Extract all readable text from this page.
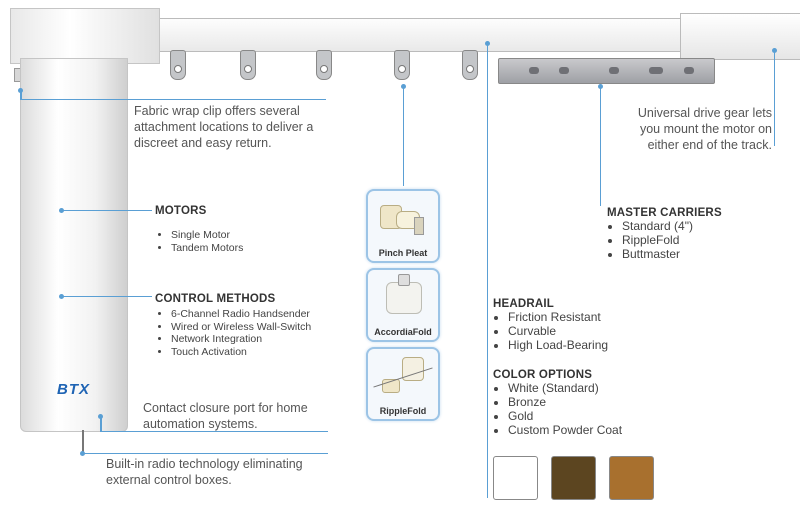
BTX
Fabric wrap clip offers several attachment locations to deliver a discreet and easy return.
Universal drive gear lets you mount the motor on either end of the track.
Contact closure port for home automation systems.
Built-in radio technology eliminating external control boxes.
MOTORS
• Single Motor
• Tandem Motors
CONTROL METHODS
• 6-Channel Radio Handsender
• Wired or Wireless Wall-Switch
• Network Integration
• Touch Activation
Pinch Pleat
AccordiaFold
RippleFold
MASTER CARRIERS
• Standard (4")
• RippleFold
• Buttmaster
HEADRAIL
• Friction Resistant
• Curvable
• High Load-Bearing
COLOR OPTIONS
• White (Standard)
• Bronze
• Gold
• Custom Powder Coat
